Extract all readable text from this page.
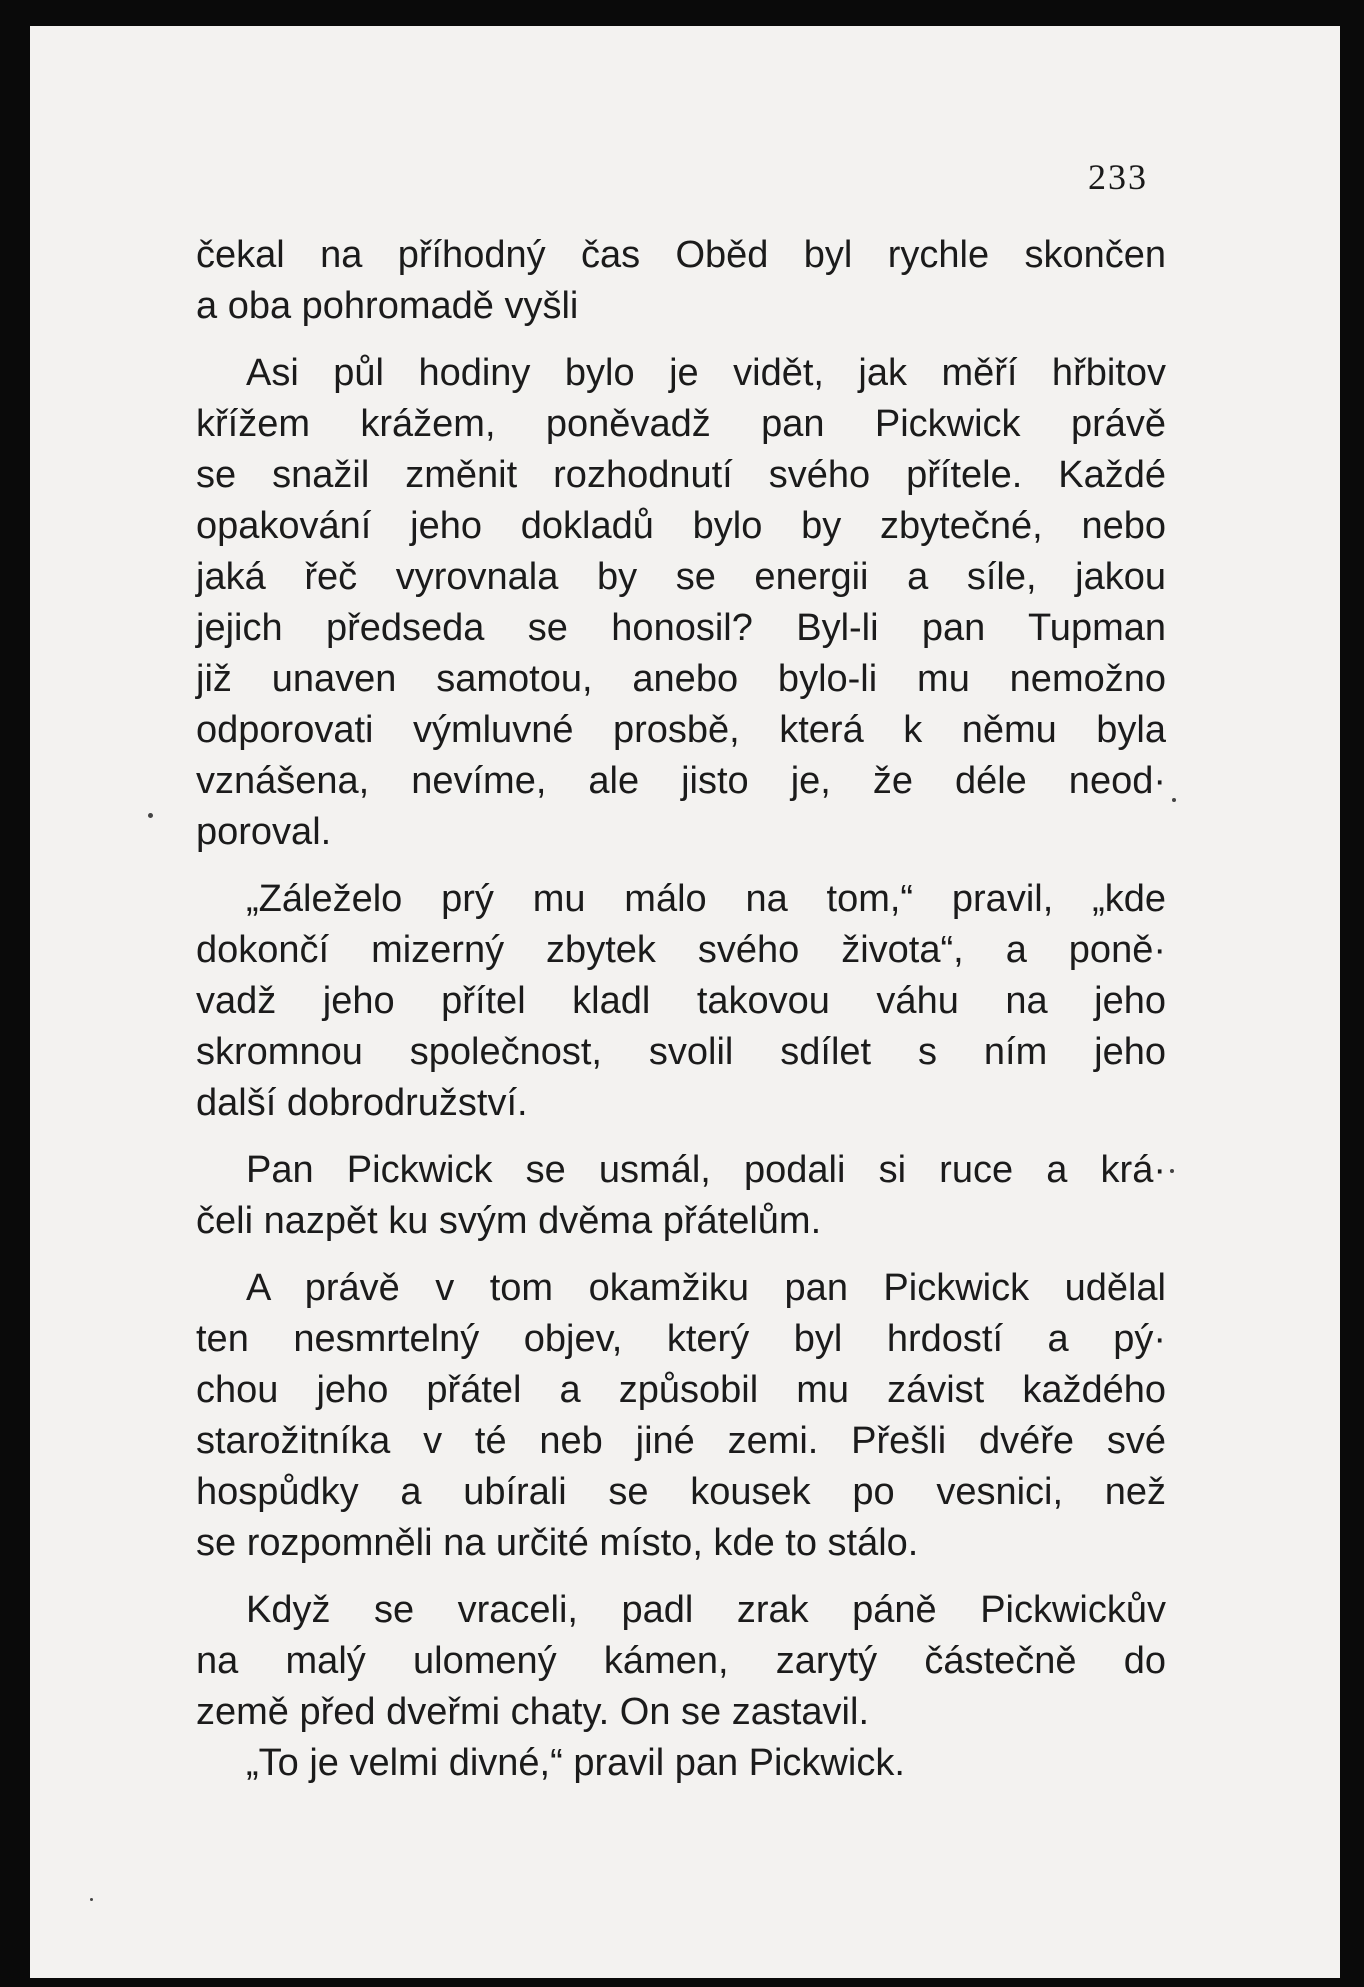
233
čekal na příhodný čas Oběd byl rychle skončen
a oba pohromadě vyšli
Asi půl hodiny bylo je vidět, jak měří hřbitov
křížem krážem, poněvadž pan Pickwick právě
se snažil změnit rozhodnutí svého přítele. Každé
opakování jeho dokladů bylo by zbytečné, nebo
jaká řeč vyrovnala by se energii a síle, jakou
jejich předseda se honosil? Byl-li pan Tupman
již unaven samotou, anebo bylo-li mu nemožno
odporovati výmluvné prosbě, která k němu byla
vznášena, nevíme, ale jisto je, že déle neod·
poroval.
„Záleželo prý mu málo na tom,“ pravil, „kde
dokončí mizerný zbytek svého života“, a poně·
vadž jeho přítel kladl takovou váhu na jeho
skromnou společnost, svolil sdílet s ním jeho
další dobrodružství.
Pan Pickwick se usmál, podali si ruce a krá·
čeli nazpět ku svým dvěma přátelům.
A právě v tom okamžiku pan Pickwick udělal
ten nesmrtelný objev, který byl hrdostí a pý·
chou jeho přátel a způsobil mu závist každého
starožitníka v té neb jiné zemi. Přešli dvéře své
hospůdky a ubírali se kousek po vesnici, než
se rozpomněli na určité místo, kde to stálo.
Když se vraceli, padl zrak páně Pickwickův
na malý ulomený kámen, zarytý částečně do
země před dveřmi chaty. On se zastavil.
„To je velmi divné,“ pravil pan Pickwick.
